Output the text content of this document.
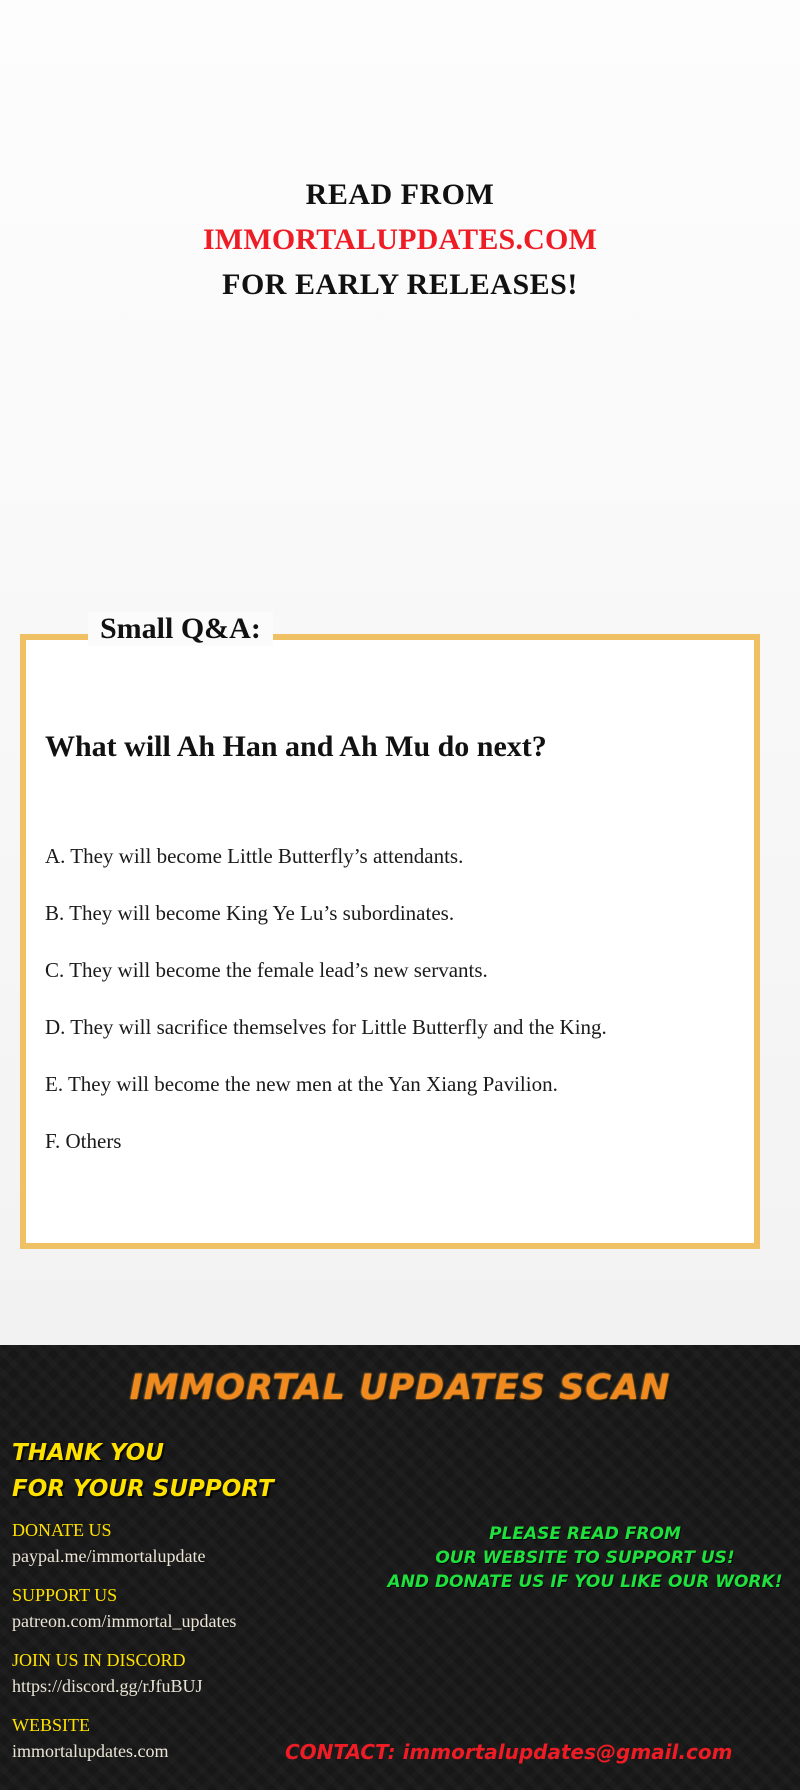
READ FROM
IMMORTALUPDATES.COM
FOR EARLY RELEASES!
Small Q&A:
What will Ah Han and Ah Mu do next?
A. They will become Little Butterfly’s attendants.
B. They will become King Ye Lu’s subordinates.
C. They will become the female lead’s new servants.
D. They will sacrifice themselves for Little Butterfly and the King.
E. They will become the new men at the Yan Xiang Pavilion.
F. Others
IMMORTAL UPDATES SCAN
THANK YOU
FOR YOUR SUPPORT
DONATE US
paypal.me/immortalupdate
SUPPORT US
patreon.com/immortal_updates
JOIN US IN DISCORD
https://discord.gg/rJfuBUJ
WEBSITE
immortalupdates.com
PLEASE READ FROM
OUR WEBSITE TO SUPPORT US!
AND DONATE US IF YOU LIKE OUR WORK!
CONTACT: immortalupdates@gmail.com
